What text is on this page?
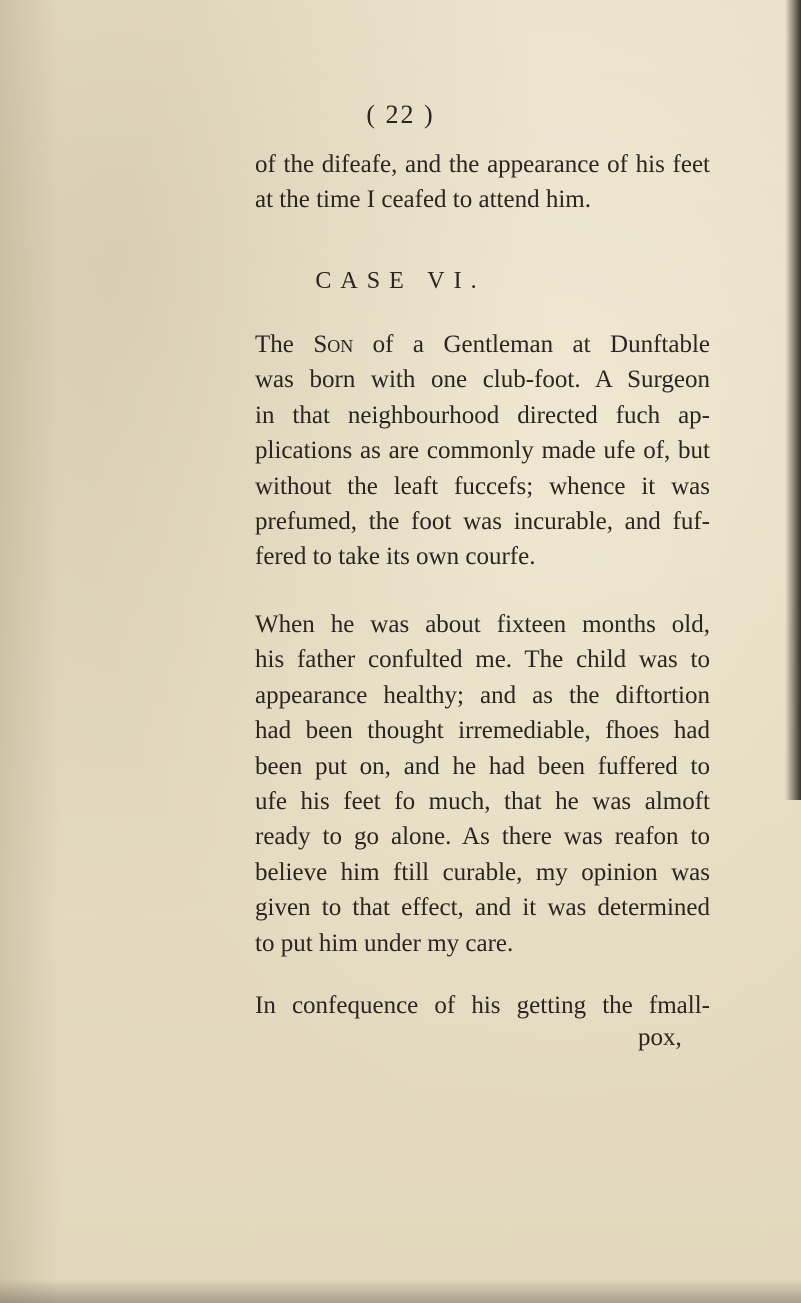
( 22 )
of the difeafe, and the appearance of his feet
at the time I ceafed to attend him.
CASE VI.
The Son of a Gentleman at Dunftable
was born with one club-foot. A Surgeon
in that neighbourhood directed fuch ap-
plications as are commonly made ufe of, but
without the leaft fuccefs; whence it was
prefumed, the foot was incurable, and fuf-
fered to take its own courfe.
When he was about fixteen months old,
his father confulted me. The child was to
appearance healthy; and as the diftortion
had been thought irremediable, fhoes had
been put on, and he had been fuffered to
ufe his feet fo much, that he was almoft
ready to go alone. As there was reafon to
believe him ftill curable, my opinion was
given to that effect, and it was determined
to put him under my care.
In confequence of his getting the fmall-
pox,
